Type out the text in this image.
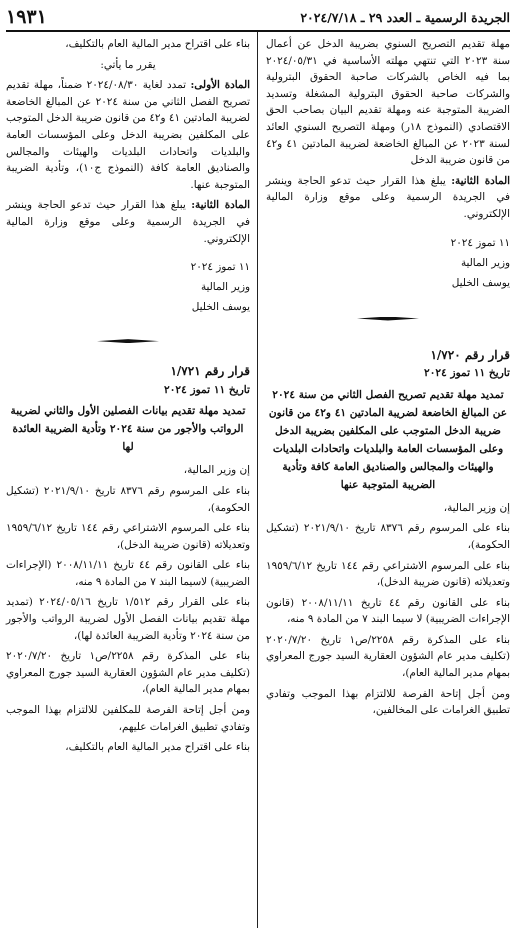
الجريدة الرسمية ـ العدد ٢٩ ـ ٢٠٢٤/٧/١٨
١٩٣١

مهلة تقديم التصريح السنوي بضريبة الدخل عن أعمال سنة ٢٠٢٣ التي تنتهي مهلته الأساسية في ٢٠٢٤/٠٥/٣١ بما فيه الخاص بالشركات صاحبة الحقوق البترولية والشركات صاحبة الحقوق البترولية المشغلة وتسديد الضريبة المتوجبة عنه ومهلة تقديم البيان بصاحب الحق الاقتصادي (النموذج ١٨ر) ومهلة التصريح السنوي العائد لسنة ٢٠٢٣ عن المبالغ الخاضعة لضريبة المادتين ٤١ و٤٢ من قانون ضريبة الدخل

المادة الثانية: يبلغ هذا القرار حيث تدعو الحاجة وينشر في الجريدة الرسمية وعلى موقع وزارة المالية الإلكتروني.

١١ تموز ٢٠٢٤
وزير المالية
يوسف الخليل
قرار رقم ١/٧٢٠
تاريخ ١١ تموز ٢٠٢٤
تمديد مهلة تقديم تصريح الفصل الثاني من سنة ٢٠٢٤ عن المبالغ الخاضعة لضريبة المادتين ٤١ و٤٢ من قانون ضريبة الدخل المتوجب على المكلفين بضريبة الدخل وعلى المؤسسات العامة والبلديات واتحادات البلديات والهيئات والمجالس والصناديق العامة كافة وتأدية الضريبة المتوجبة عنها

إن وزير المالية،

بناء على المرسوم رقم ٨٣٧٦ تاريخ ٢٠٢١/٩/١٠ (تشكيل الحكومة)،

بناء على المرسوم الاشتراعي رقم ١٤٤ تاريخ ١٩٥٩/٦/١٢ وتعديلاته (قانون ضريبة الدخل)،

بناء على القانون رقم ٤٤ تاريخ ٢٠٠٨/١١/١١ (قانون الإجراءات الضريبية) لا سيما البند ٧ من المادة ٩ منه،

بناء على المذكرة رقم ٢٢٥٨/ص١ تاريخ ٢٠٢٠/٧/٢٠ (تكليف مدير عام الشؤون العقارية السيد جورج المعراوي بمهام مدير المالية العام)،

ومن أجل إتاحة الفرصة للالتزام بهذا الموجب وتفادي تطبيق الغرامات على المخالفين،

بناء على اقتراح مدير المالية العام بالتكليف،

يقرر ما يأتي:

المادة الأولى: تمدد لغاية ٢٠٢٤/٠٨/٣٠ ضمناً، مهلة تقديم تصريح الفصل الثاني من سنة ٢٠٢٤ عن المبالغ الخاضعة لضريبة المادتين ٤١ و٤٢ من قانون ضريبة الدخل المتوجب على المكلفين بضريبة الدخل وعلى المؤسسات العامة والبلديات واتحادات البلديات والهيئات والمجالس والصناديق العامة كافة (النموذج ج١٠)، وتأدية الضريبة المتوجبة عنها.

المادة الثانية: يبلغ هذا القرار حيث تدعو الحاجة وينشر في الجريدة الرسمية وعلى موقع وزارة المالية الإلكتروني.

١١ تموز ٢٠٢٤
وزير المالية
يوسف الخليل
قرار رقم ١/٧٢١
تاريخ ١١ تموز ٢٠٢٤
تمديد مهلة تقديم بيانات الفصلين الأول والثاني لضريبة الرواتب والأجور من سنة ٢٠٢٤ وتأدية الضريبة العائدة لها

إن وزير المالية،

بناء على المرسوم رقم ٨٣٧٦ تاريخ ٢٠٢١/٩/١٠ (تشكيل الحكومة)،

بناء على المرسوم الاشتراعي رقم ١٤٤ تاريخ ١٩٥٩/٦/١٢ وتعديلاته (قانون ضريبة الدخل)،

بناء على القانون رقم ٤٤ تاريخ ٢٠٠٨/١١/١١ (الإجراءات الضريبية) لاسيما البند ٧ من المادة ٩ منه،

بناء على القرار رقم ١/٥١٢ تاريخ ٢٠٢٤/٠٥/١٦ (تمديد مهلة تقديم بيانات الفصل الأول لضريبة الرواتب والأجور من سنة ٢٠٢٤ وتأدية الضريبة العائدة لها)،

بناء على المذكرة رقم ٢٢٥٨/ص١ تاريخ ٢٠٢٠/٧/٢٠ (تكليف مدير عام الشؤون العقارية السيد جورج المعراوي بمهام مدير المالية العام)،

ومن أجل إتاحة الفرصة للمكلفين للالتزام بهذا الموجب وتفادي تطبيق الغرامات عليهم،

بناء على اقتراح مدير المالية العام بالتكليف،
